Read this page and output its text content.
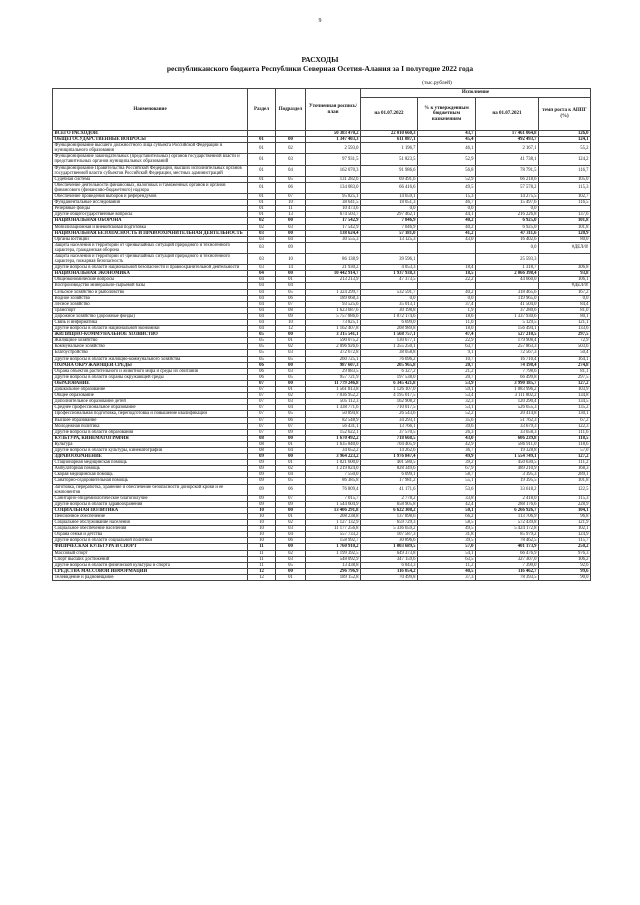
9
РАСХОДЫ
республиканского бюджета Республики Северная Осетия-Алания за I полугодие 2022 года
(тыс.рублей)
Наименование	Раздел	Подраздел	Уточненная роспись/план	Исполнение			
				на 01.07.2022	% к утвержденным бюджетным назначениям	на 01.07.2021	темп роста к АППГ (%)
ВСЕГО РАСХОДОВ:			50 383 470,2	22 010 660,3	43,7	17 461 064,8	126,0
ОБЩЕГОСУДАРСТВЕННЫЕ ВОПРОСЫ	01	00	1 347 403,3	611 087,1	45,4	492 493,7	124,1
Функционирование высшего должностного лица субъекта Российской Федерации и муниципального образования	01	02	2 593,0	1 196,7	46,1	2 167,1	55,2
Функционирование законодательных (представительных) органов государственной власти и представительных органов муниципальных образований	01	03	97 931,5	51 823,5	52,9	41 738,1	124,2
Функционирование Правительства Российской Федерации, высших исполнительных органов государственной власти субъектов Российской Федерации, местных администраций	01	04	162 070,3	91 986,6	56,8	78 791,5	116,7
Судебная система	01	05	131 282,6	69 491,6	52,9	66 218,6	105,0
Обеспечение деятельности финансовых, налоговых и таможенных органов и органов финансового (финансово-бюджетного) надзора	01	06	134 083,0	66 416,6	49,5	57 578,2	115,3
Обеспечение проведения выборов и референдумов	01	07	95 825,1	14 659,1	15,3	14 275,5	102,7
Фундаментальные исследования	01	10	38 641,5	18 051,3	46,7	15 497,6	116,5
Резервные фонды	01	11	10 473,6	0,0	0,0	0,0	
Другие общегосударственные вопросы	01	13	674 503,7	297 462,1	44,1	216 226,8	137,6
НАЦИОНАЛЬНАЯ ОБОРОНА	02	00	17 542,9	7 046,9	40,2	6 925,0	101,8
Мобилизационная и вневойсковая подготовка	02	03	17 542,9	7 046,9	40,2	6 925,0	101,8
НАЦИОНАЛЬНАЯ БЕЗОПАСНОСТЬ И ПРАВООХРАНИТЕЛЬНАЯ ДЕЯТЕЛЬНОСТЬ	03	00	138 624,4	57 181,0	41,2	47 311,6	120,9
Органы юстиции	03	04	30 555,3	13 125,3	43,0	16 402,6	80,0
Защита населения и территории от чрезвычайных ситуаций природного и техногенного характера, гражданская оборона	03	09				0,0	#ДЕЛ/0!
Защита населения и территории от чрезвычайных ситуаций природного и техногенного характера, пожарная безопасность	03	10	86 138,9	39 596,1		25 593,3	
Другие вопросы в области национальной безопасности и правоохранительной деятельности	03	14	21 930,2	4 053,3	18,4	1 318,7	306,8
НАЦИОНАЛЬНАЯ ЭКОНОМИКА	04	00	10 442 914,7	1 937 938,3	18,5	2 066 398,4	93,8
Общеэкономические вопросы	04	01	213 213,9	47 373,5	22,2	44 660,0	106,1
Воспроизводство минерально-сырьевой базы	04	04					#ДЕЛ/0!
Сельское хозяйство и рыболовство	04	05	1 324 299,7	532 591,7	40,2	318 465,6	167,2
Водное хозяйство	04	06	189 068,3	0,0	0,0	119 965,0	0,0
Лесное хозяйство	04	07	93 525,6	35 013,1	37,4	41 504,0	84,4
Транспорт	04	08	1 623 687,6	30 198,8	1,9	37 280,6	81,0
Дорожное хозяйство (дорожные фонды)	04	09	5 757 886,6	1 072 174,6	18,6	1 337 930,6	80,1
Связь и информатика	04	10	73 825,1	6 699,0	11,0	5 129,5	121,1
Другие вопросы в области национальной экономики	04	12	1 162 407,8	208 989,8	18,0	156 494,1	133,6
ЖИЛИЩНО-КОММУНАЛЬНОЕ ХОЗЯЙСТВО	05	00	3 315 541,1	1 568 757,1	47,4	527 210,5	297,5
Жилищное хозяйство	05	01	590 075,2	130 677,1	22,9	179 908,4	72,9
Коммунальное хозяйство	05	02	2 096 926,6	1 355 250,1	63,7	257 863,3	503,6
Благоустройство	05	03	372 672,8	38 058,8	9,1	72 567,3	50,4
Другие вопросы в области жилищно-коммунального хозяйства	05	05	260 725,1	76 696,2	10,7	16 710,4	164,1
ОХРАНА ОКРУЖАЮЩЕЙ СРЕДЫ	06	00	987 607,3	205 965,8	20,7	74 198,4	274,8
Охрана объектов растительного и животного мира и среды их обитания	06	03	29 883,5	6 327,2	21,2	7 798,6	81,1
Другие вопросы в области охраны окружающей среды	06	05	957 721,9	197 538,0	20,7	66 499,8	297,5
ОБРАЗОВАНИЕ	07	00	11 779 246,8	6 345 421,8	53,9	3 990 185,7	127,2
Дошкольное образование	07	01	1 561 813,8	1 126 107,0	59,1	1 083 996,2	103,9
Общее образование	07	02	7 036 952,2	4 195 017,5	53,4	3 111 802,2	134,8
Дополнительное образование детей	07	03	505 112,3	162 908,2	32,3	120 290,4	134,5
Среднее профессиональное образование	07	04	1 338 771,6	710 017,5	53,1	526 655,3	135,2
Профессиональная подготовка, переподготовка и повышение квалификации	07	05	50 894,8	26 543,6	52,2	20 414,8	130,1
Высшее образование	07	06	82 548,9	34 293,1	35,6	51 762,3	67,2
Молодежная политика	07	07	56 431,1	13 766,1	39,6	33 679,3	122,3
Другие вопросы в области образования	07	09	152 622,1	37 570,5	26,3	33 658,3	111,6
КУЛЬТУРА, КИНЕМАТОГРАФИЯ	08	00	1 670 492,2	718 668,5	43,0	606 239,8	118,5
Культура	08	01	1 635 840,0	704 405,9	42,9	586 911,0	118,6
Другие вопросы в области культуры, кинематографии	08	04	34 652,2	14 262,6	36,7	19 328,8	57,0
ЗДРАВООХРАНЕНИЕ	09	00	3 964 223,2	1 976 847,4	49,9	1 554 749,1	127,2
Стационарная медицинская помощь	09	01	1 021 600,0	401 580,5	39,2	450 630,5	111,2
Амбулаторная помощь	09	02	1 219 824,0	828 349,6	67,9	489 210,9	168,3
Скорая медицинская помощь	09	04	7 550,0	6 099,1	58,7	3 395,3	289,1
Санаторно-оздоровительная помощь	09	05	86 385,8	17 981,2	55,1	19 395,5	101,8
Заготовка, переработка, хранение и обеспечение безопасности донорской крови и ее компонентов	09	06	76 809,4	41 171,6	53,6	33 618,2	122,5
Санитарно-эпидемиологическое благополучие	09	07	7 015,7	2 778,2	33,8	2 418,0	115,3
Другие вопросы в области здравоохранения	09	09	1 544 604,9	658 905,8	42,4	288 176,6	228,9
СОЦИАЛЬНАЯ ПОЛИТИКА	10	00	13 406 291,8	6 622 308,2	50,1	6 266 926,7	104,1
Пенсионное обеспечение	10	01	208 238,8	137 898,6	66,2	113 706,9	96,8
Социальное обслуживание населения	10	02	1 127 132,9	659 729,3	58,5	572 439,8	121,9
Социальное обеспечение населения	10	03	11 177 256,8	5 336 659,2	49,5	5 424 172,8	102,1
Охрана семьи и детства	10	04	557 733,2	107 587,3	31,8	85 979,2	124,9
Другие вопросы в области социальной политики	10	06	158 992,7	30 896,6	39,5	78 462,5	115,7
ФИЗИЧЕСКАЯ КУЛЬТУРА И СПОРТ	11	00	1 760 910,2	1 003 689,5	57,0	401 173,9	250,2
Массовый спорт	11	02	1 199 392,5	649 373,8	54,1	66 476,9	976,3
Спорт высших достижений	11	03	548 092,9	347 159,6	63,5	327 307,0	106,2
Другие вопросы в области физической культуры и спорта	11	05	13 438,8	6 843,3	11,2	7 390,0	92,6
СРЕДСТВА МАССОВОЙ ИНФОРМАЦИИ	12	00	296 796,9	116 054,2	40,5	116 462,7	99,6
Телевидение и радиовещание	12	01	189 152,8	70 499,8	37,3	78 393,5	90,0
